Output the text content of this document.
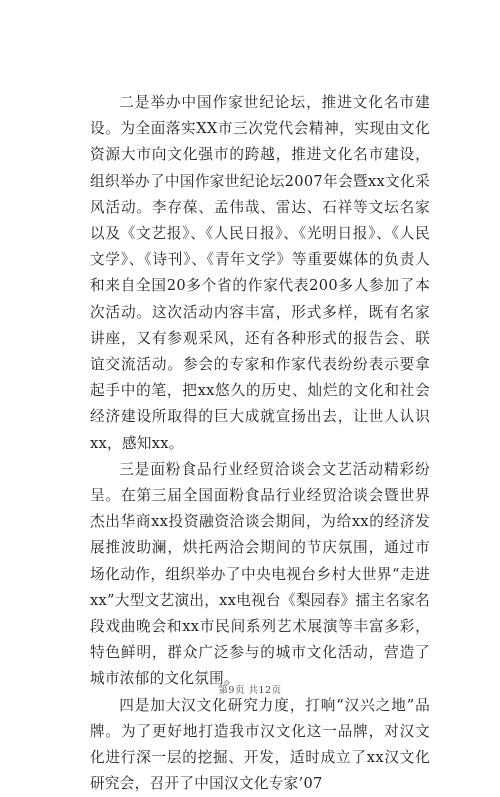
二是举办中国作家世纪论坛，推进文化名市建设。为全面落实XX市三次党代会精神，实现由文化资源大市向文化强市的跨越，推进文化名市建设，组织举办了中国作家世纪论坛2007年会暨xx文化采风活动。李存葆、孟伟哉、雷达、石祥等文坛名家以及《文艺报》、《人民日报》、《光明日报》、《人民文学》、《诗刊》、《青年文学》等重要媒体的负责人和来自全国20多个省的作家代表200多人参加了本次活动。这次活动内容丰富，形式多样，既有名家讲座，又有参观采风，还有各种形式的报告会、联谊交流活动。参会的专家和作家代表纷纷表示要拿起手中的笔，把xx悠久的历史、灿烂的文化和社会经济建设所取得的巨大成就宣扬出去，让世人认识xx，感知xx。

三是面粉食品行业经贸洽谈会文艺活动精彩纷呈。在第三届全国面粉食品行业经贸洽谈会暨世界杰出华商xx投资融资洽谈会期间，为给xx的经济发展推波助澜，烘托两洽会期间的节庆氛围，通过市场化动作，组织举办了中央电视台乡村大世界“走进xx”大型文艺演出，xx电视台《梨园春》擂主名家名段戏曲晚会和xx市民间系列艺术展演等丰富多彩，特色鲜明，群众广泛参与的城市文化活动，营造了城市浓郁的文化氛围。

四是加大汉文化研究力度，打响“汉兴之地”品牌。为了更好地打造我市汉文化这一品牌，对汉文化进行深一层的挖掘、开发，适时成立了xx汉文化研究会，召开了中国汉文化专家’07

第9页 共12页
